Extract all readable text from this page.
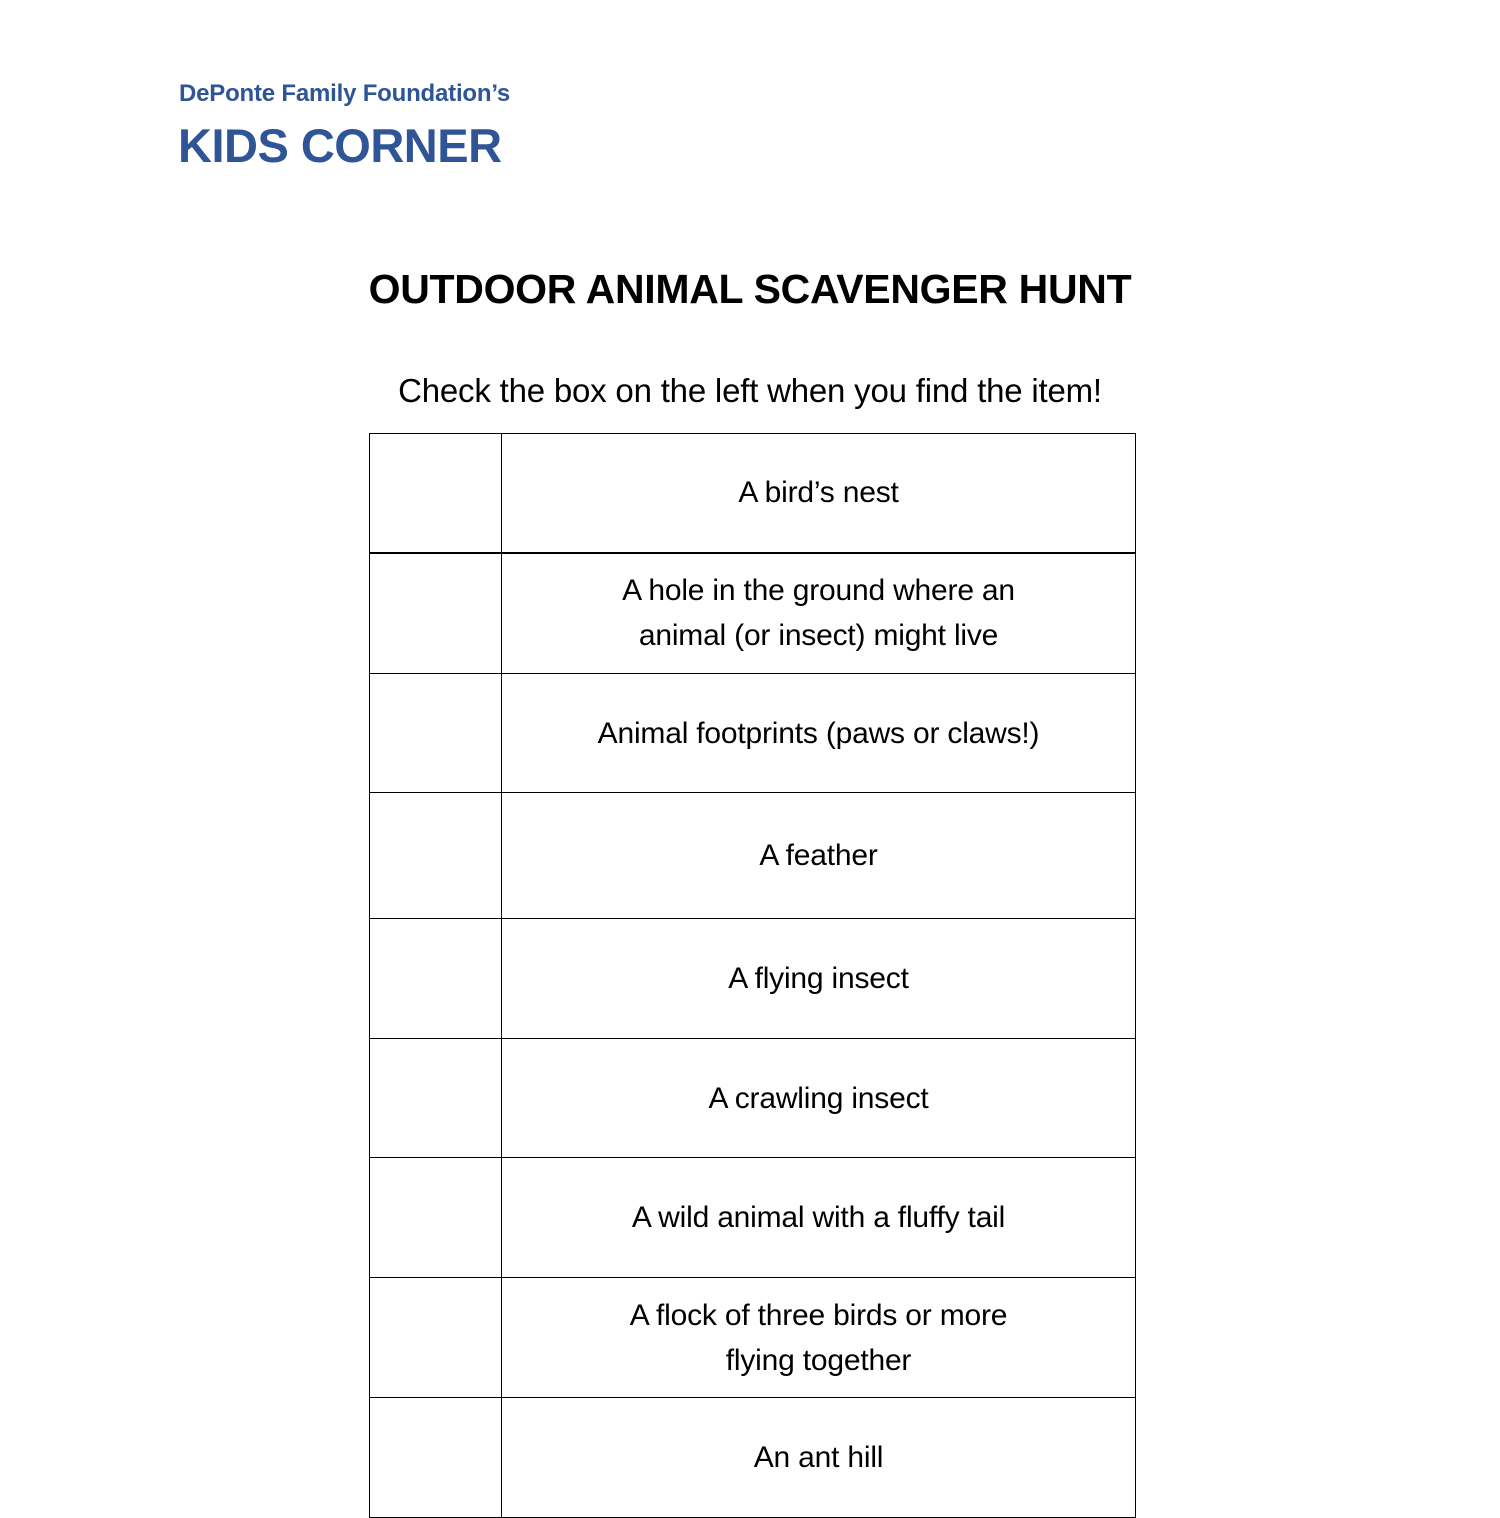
DePonte Family Foundation’s
KIDS CORNER
OUTDOOR ANIMAL SCAVENGER HUNT
Check the box on the left when you find the item!
	A bird’s nest
	A hole in the ground where an
animal (or insect) might live
	Animal footprints (paws or claws!)
	A feather
	A flying insect
	A crawling insect
	A wild animal with a fluffy tail
	A flock of three birds or more
flying together
	An ant hill
